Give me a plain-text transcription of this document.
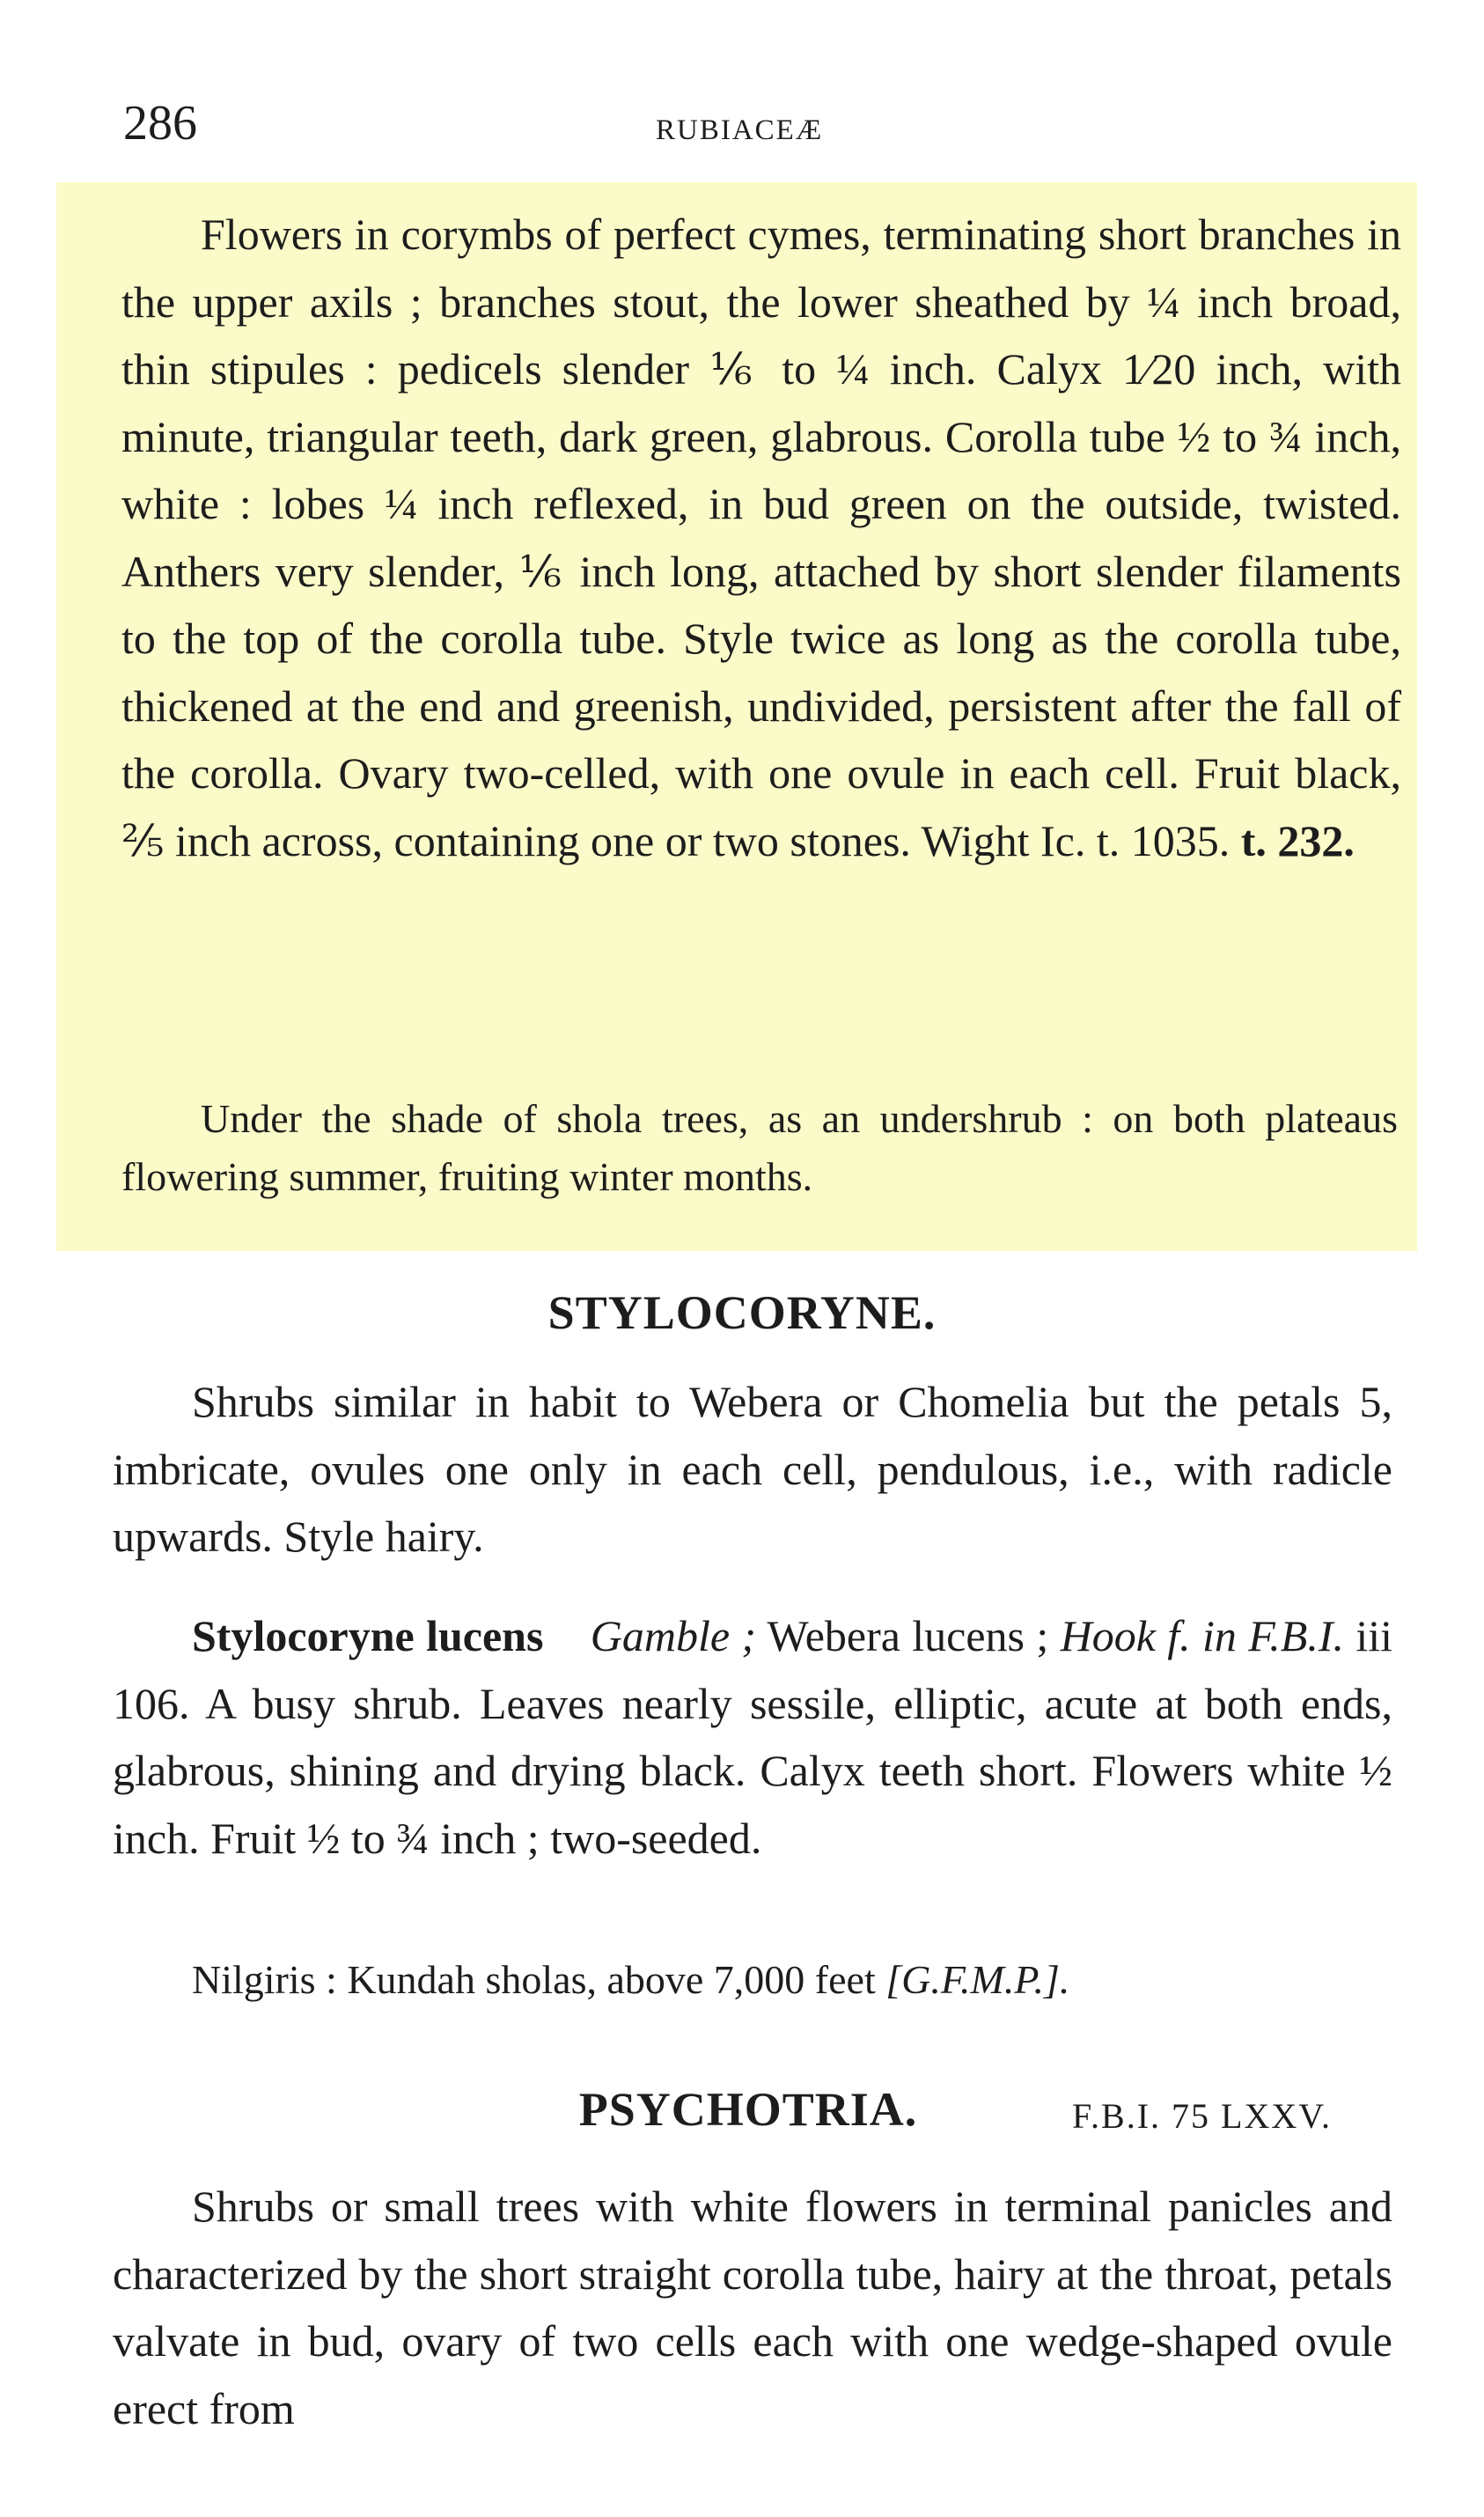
286	RUBIACEÆ

Flowers in corymbs of perfect cymes, terminating short branches in the upper axils ; branches stout, the lower sheathed by ¼ inch broad, thin stipules : pedicels slender ⅙ to ¼ inch. Calyx 1⁄20 inch, with minute, triangular teeth, dark green, glabrous. Corolla tube ½ to ¾ inch, white : lobes ¼ inch reflexed, in bud green on the outside, twisted. Anthers very slender, ⅙ inch long, attached by short slender filaments to the top of the corolla tube. Style twice as long as the corolla tube, thickened at the end and greenish, undivided, persistent after the fall of the corolla. Ovary two-celled, with one ovule in each cell. Fruit black, ⅖ inch across, containing one or two stones. Wight Ic. t. 1035. t. 232.

Under the shade of shola trees, as an undershrub : on both plateaus flowering summer, fruiting winter months.

STYLOCORYNE.

Shrubs similar in habit to Webera or Chomelia but the petals 5, imbricate, ovules one only in each cell, pendulous, i.e., with radicle upwards. Style hairy.

Stylocoryne lucens Gamble ; Webera lucens ; Hook f. in F.B.I. iii 106. A busy shrub. Leaves nearly sessile, elliptic, acute at both ends, glabrous, shining and drying black. Calyx teeth short. Flowers white ½ inch. Fruit ½ to ¾ inch ; two-seeded.

Nilgiris : Kundah sholas, above 7,000 feet [G.F.M.P.].

PSYCHOTRIA.	F.B.I. 75 LXXV.

Shrubs or small trees with white flowers in terminal panicles and characterized by the short straight corolla tube, hairy at the throat, petals valvate in bud, ovary of two cells each with one wedge-shaped ovule erect from
